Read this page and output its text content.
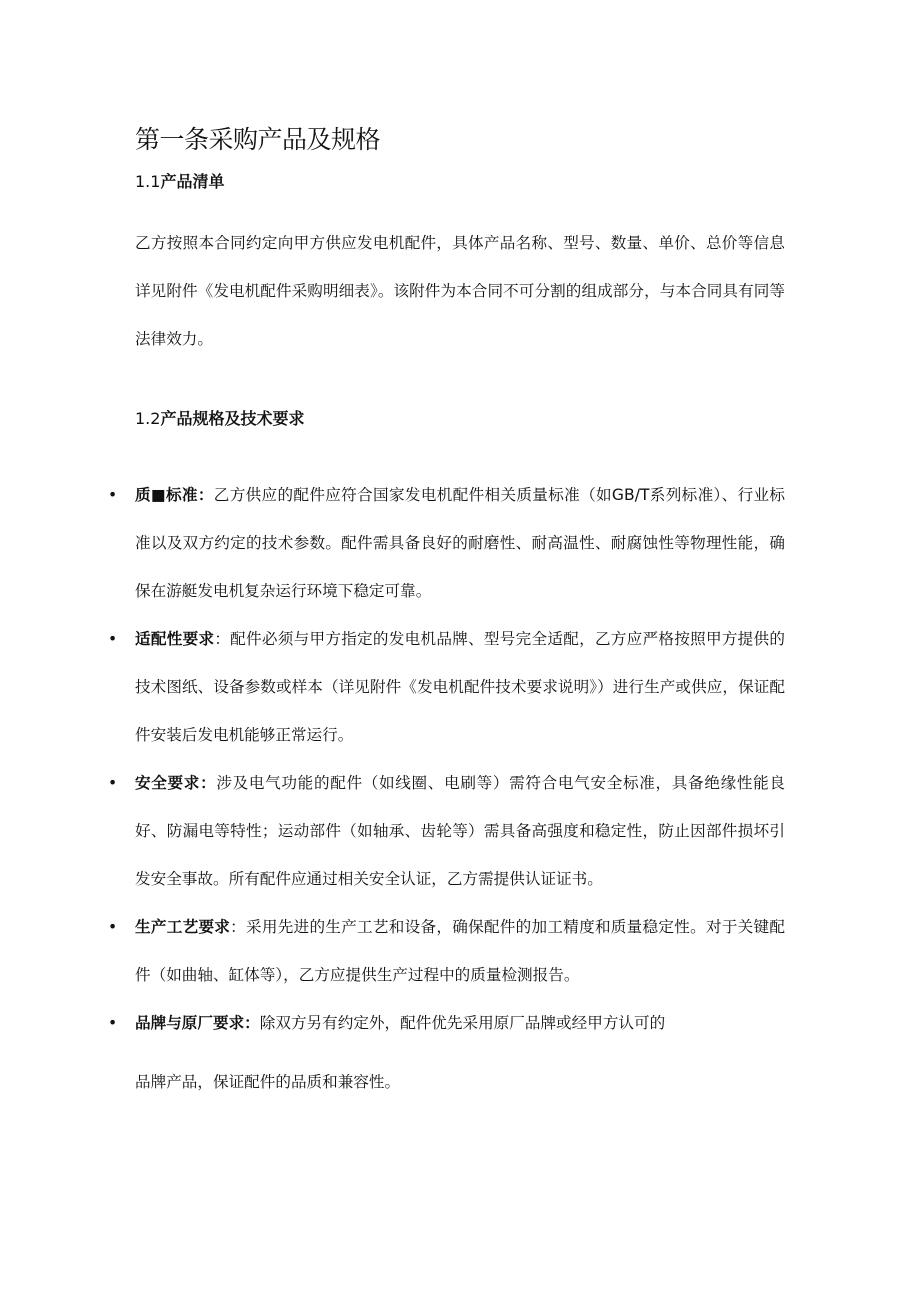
第一条采购产品及规格
1.1产品清单
乙方按照本合同约定向甲方供应发电机配件，具体产品名称、型号、数量、单价、总价等信息详见附件《发电机配件采购明细表》。该附件为本合同不可分割的组成部分，与本合同具有同等法律效力。
1.2产品规格及技术要求
• 质■标准：乙方供应的配件应符合国家发电机配件相关质量标准（如GB/T系列标准）、行业标准以及双方约定的技术参数。配件需具备良好的耐磨性、耐高温性、耐腐蚀性等物理性能，确保在游艇发电机复杂运行环境下稳定可靠。
• 适配性要求：配件必须与甲方指定的发电机品牌、型号完全适配，乙方应严格按照甲方提供的技术图纸、设备参数或样本（详见附件《发电机配件技术要求说明》）进行生产或供应，保证配件安装后发电机能够正常运行。
• 安全要求：涉及电气功能的配件（如线圈、电刷等）需符合电气安全标准，具备绝缘性能良好、防漏电等特性；运动部件（如轴承、齿轮等）需具备高强度和稳定性，防止因部件损坏引发安全事故。所有配件应通过相关安全认证，乙方需提供认证证书。
• 生产工艺要求：采用先进的生产工艺和设备，确保配件的加工精度和质量稳定性。对于关键配件（如曲轴、缸体等），乙方应提供生产过程中的质量检测报告。
• 品牌与原厂要求：除双方另有约定外，配件优先采用原厂品牌或经甲方认可的
品牌产品，保证配件的品质和兼容性。
